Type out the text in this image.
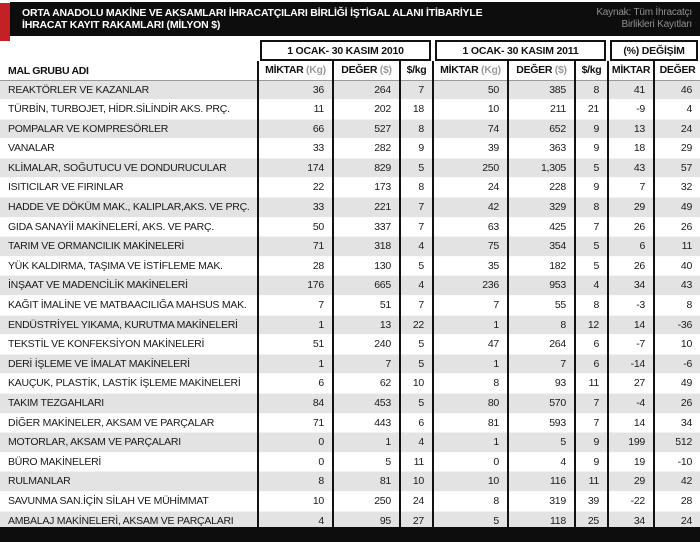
ORTA ANADOLU MAKİNE VE AKSAMLARI İHRACATÇILARI BİRLİĞİ İŞTİGAL ALANI İTİBARİYLE
İHRACAT KAYIT RAKAMLARI (MİLYON $)
Kaynak: Tüm İhracatçı
Birlikleri Kayıtları

	1 OCAK- 30 KASIM 2010			1 OCAK- 30 KASIM 2011			(%) DEĞİŞİM	

MAL GRUBU ADI	MİKTAR (Kg)	DEĞER ($)	$/kg	MİKTAR (Kg)	DEĞER ($)	$/kg	MİKTAR	DEĞER
REAKTÖRLER VE KAZANLAR	36	264	7	50	385	8	41	46
TÜRBİN, TURBOJET, HİDR.SİLİNDİR AKS. PRÇ.	11	202	18	10	211	21	-9	4
POMPALAR VE KOMPRESÖRLER	66	527	8	74	652	9	13	24
VANALAR	33	282	9	39	363	9	18	29
KLİMALAR, SOĞUTUCU VE DONDURUCULAR	174	829	5	250	1,305	5	43	57
ISITICILAR VE FIRINLAR	22	173	8	24	228	9	7	32
HADDE VE DÖKÜM MAK., KALIPLAR,AKS. VE PRÇ.	33	221	7	42	329	8	29	49
GIDA SANAYİİ MAKİNELERİ, AKS. VE PARÇ.	50	337	7	63	425	7	26	26
TARIM VE ORMANCILIK MAKİNELERİ	71	318	4	75	354	5	6	11
YÜK KALDIRMA, TAŞIMA VE İSTİFLEME MAK.	28	130	5	35	182	5	26	40
İNŞAAT VE MADENCİLİK MAKİNELERİ	176	665	4	236	953	4	34	43
KAĞIT İMALİNE VE MATBAACILIĞA MAHSUS MAK.	7	51	7	7	55	8	-3	8
ENDÜSTRİYEL YIKAMA, KURUTMA MAKİNELERİ	1	13	22	1	8	12	14	-36
TEKSTİL VE KONFEKSİYON MAKİNELERİ	51	240	5	47	264	6	-7	10
DERİ İŞLEME VE İMALAT MAKİNELERİ	1	7	5	1	7	6	-14	-6
KAUÇUK, PLASTİK, LASTİK İŞLEME MAKİNELERİ	6	62	10	8	93	11	27	49
TAKIM TEZGAHLARI	84	453	5	80	570	7	-4	26
DİĞER MAKİNELER, AKSAM VE PARÇALAR	71	443	6	81	593	7	14	34
MOTORLAR, AKSAM VE PARÇALARI	0	1	4	1	5	9	199	512
BÜRO MAKİNELERİ	0	5	11	0	4	9	19	-10
RULMANLAR	8	81	10	10	116	11	29	42
SAVUNMA SAN.İÇİN SİLAH VE MÜHİMMAT	10	250	24	8	319	39	-22	28
AMBALAJ MAKİNELERİ, AKSAM VE PARÇALARI	4	95	27	5	118	25	34	24
